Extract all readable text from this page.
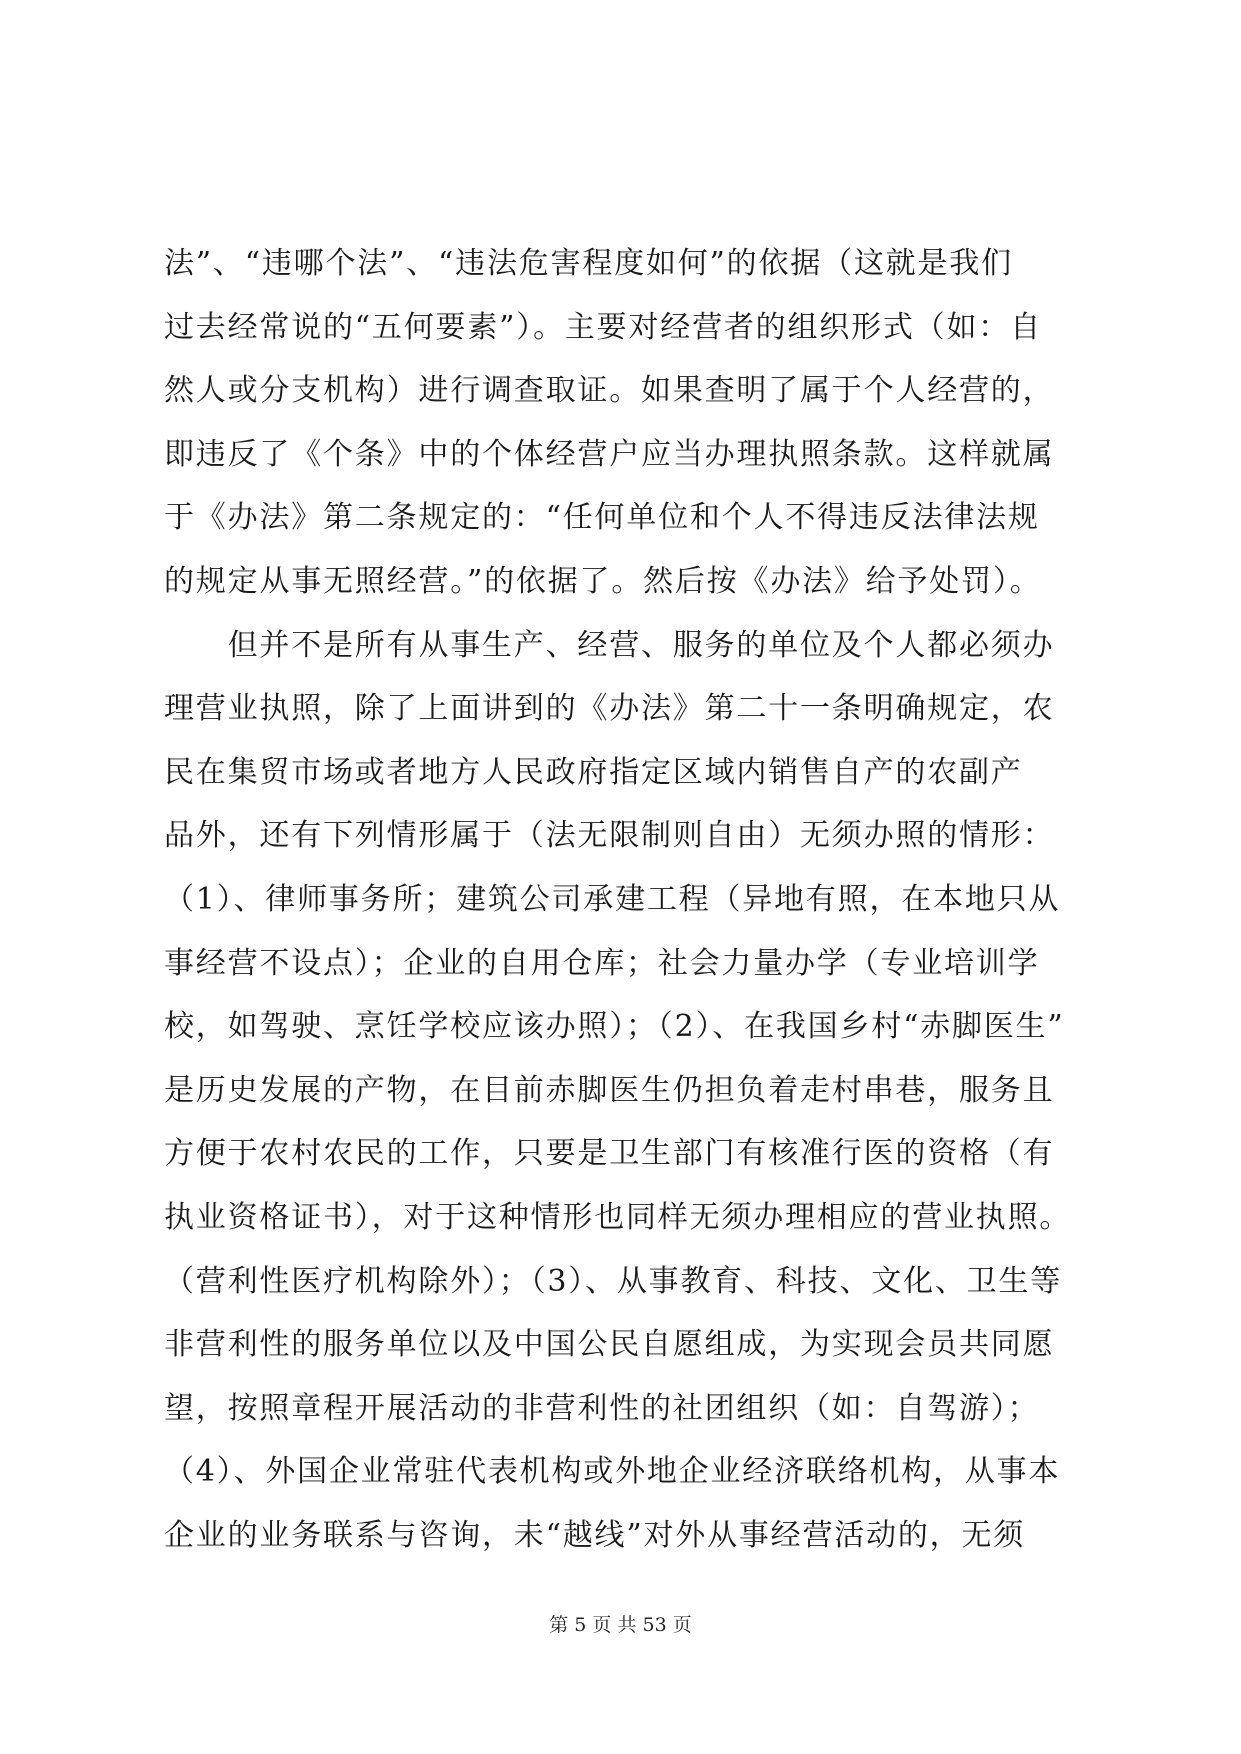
法”、“违哪个法”、“违法危害程度如何”的依据（这就是我们
过去经常说的“五何要素”）。主要对经营者的组织形式（如：自
然人或分支机构）进行调查取证。如果查明了属于个人经营的，
即违反了《个条》中的个体经营户应当办理执照条款。这样就属
于《办法》第二条规定的：“任何单位和个人不得违反法律法规
的规定从事无照经营。”的依据了。然后按《办法》给予处罚）。
　　但并不是所有从事生产、经营、服务的单位及个人都必须办
理营业执照，除了上面讲到的《办法》第二十一条明确规定，农
民在集贸市场或者地方人民政府指定区域内销售自产的农副产
品外，还有下列情形属于（法无限制则自由）无须办照的情形：
（1）、律师事务所；建筑公司承建工程（异地有照，在本地只从
事经营不设点）；企业的自用仓库；社会力量办学（专业培训学
校，如驾驶、烹饪学校应该办照）；（2）、在我国乡村“赤脚医生”
是历史发展的产物，在目前赤脚医生仍担负着走村串巷，服务且
方便于农村农民的工作，只要是卫生部门有核准行医的资格（有
执业资格证书），对于这种情形也同样无须办理相应的营业执照。
（营利性医疗机构除外）；（3）、从事教育、科技、文化、卫生等
非营利性的服务单位以及中国公民自愿组成，为实现会员共同愿
望，按照章程开展活动的非营利性的社团组织（如：自驾游）；
（4）、外国企业常驻代表机构或外地企业经济联络机构，从事本
企业的业务联系与咨询，未“越线”对外从事经营活动的，无须
第 5 页 共 53 页
